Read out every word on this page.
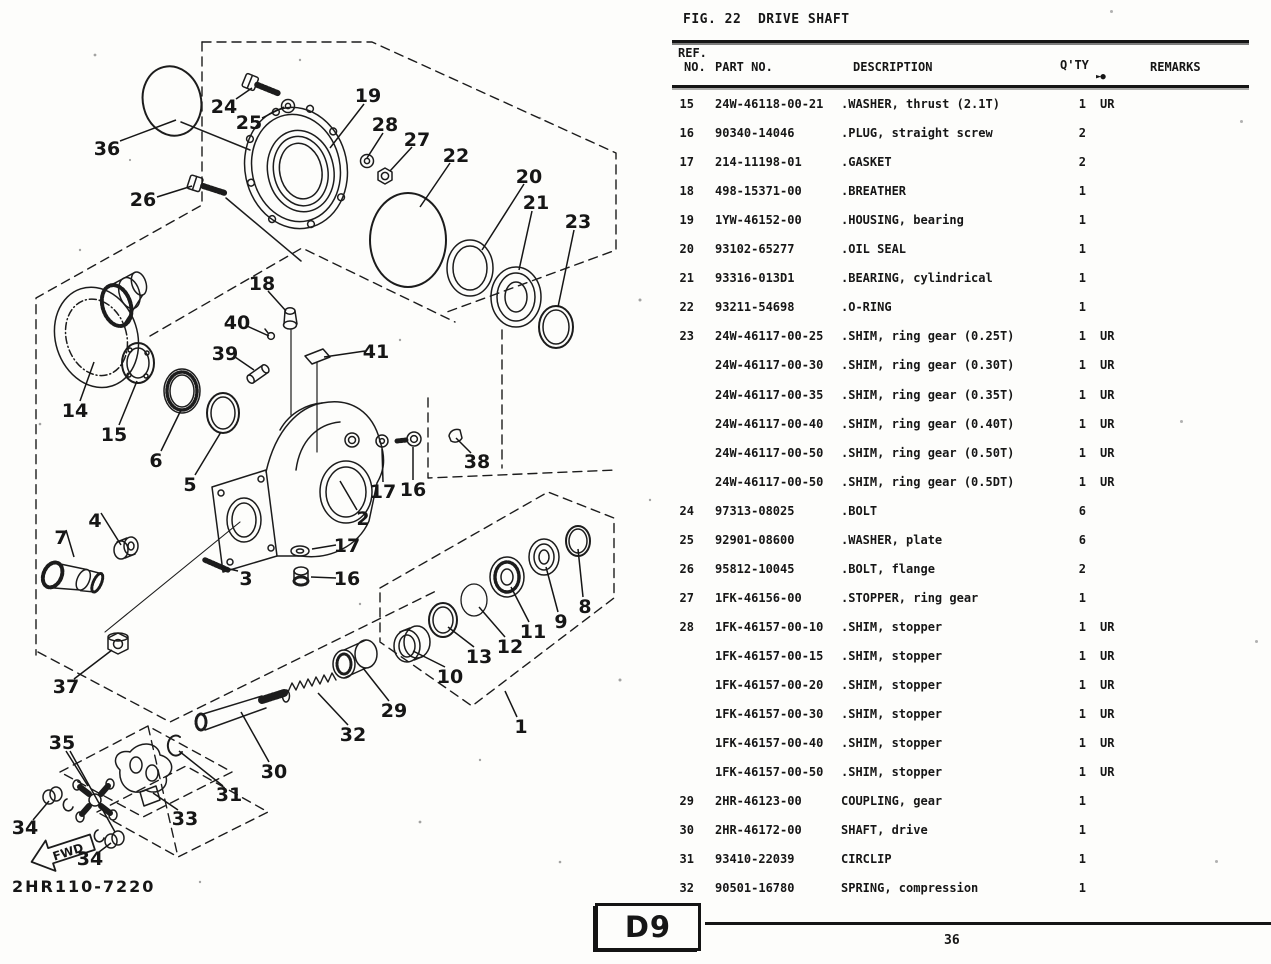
36
24
25
19
28
27
22
20
21
23
26
14
15
6
5
18
40
39	41
38
17 16
2
4
7
3
17
16
37
1
8
9
11
12
13
10
29
32
30
31
33
35
34
34
FWD
2HR110-7220
FIG. 22  DRIVE SHAFT
REF.
NO. PART NO.	DESCRIPTION	Q'TY
►●
REMARKS
15 24W-46118-00-21 .WASHER, thrust (2.1T)	1 UR
16 90340-14046	.PLUG, straight screw	2
17 214-11198-01	.GASKET	2
18 498-15371-00	.BREATHER	1
19 1YW-46152-00	.HOUSING, bearing	1
20 93102-65277	.OIL SEAL	1
21 93316-013D1	.BEARING, cylindrical	1
22 93211-54698	.O-RING	1
23 24W-46117-00-25 .SHIM, ring gear (0.25T)	1 UR
24W-46117-00-30 .SHIM, ring gear (0.30T)	1 UR
24W-46117-00-35 .SHIM, ring gear (0.35T)	1 UR
24W-46117-00-40 .SHIM, ring gear (0.40T)	1 UR
24W-46117-00-50 .SHIM, ring gear (0.50T)	1 UR
24W-46117-00-50 .SHIM, ring gear (0.5DT)	1 UR
24 97313-08025	.BOLT	6
25 92901-08600	.WASHER, plate	6
26 95812-10045	.BOLT, flange	2
27 1FK-46156-00	.STOPPER, ring gear	1
28 1FK-46157-00-10 .SHIM, stopper	1 UR
1FK-46157-00-15 .SHIM, stopper	1 UR
1FK-46157-00-20 .SHIM, stopper	1 UR
1FK-46157-00-30 .SHIM, stopper	1 UR
1FK-46157-00-40 .SHIM, stopper	1 UR
1FK-46157-00-50 .SHIM, stopper	1 UR
29 2HR-46123-00	COUPLING, gear	1
30 2HR-46172-00	SHAFT, drive	1
31 93410-22039	CIRCLIP	1
32 90501-16780	SPRING, compression	1
D9	36
